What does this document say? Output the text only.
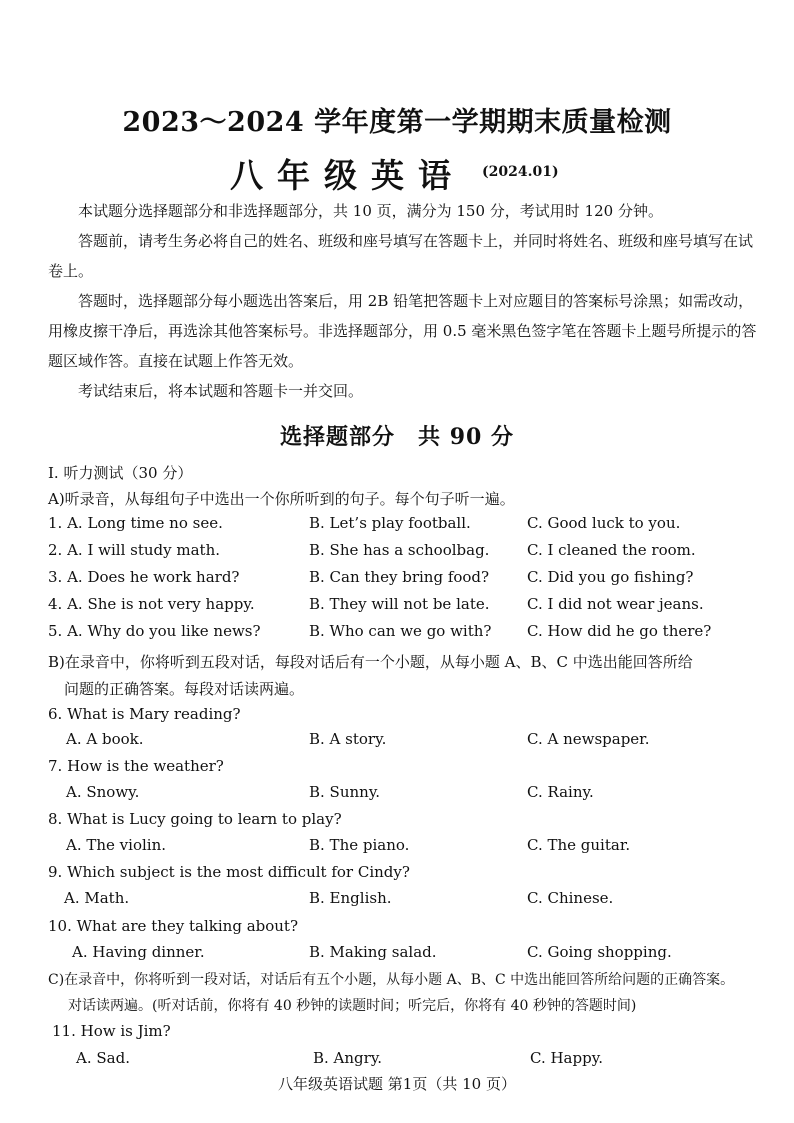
2023～2024 学年度第一学期期末质量检测
八年级英语 (2024.01)

本试题分选择题部分和非选择题部分，共 10 页，满分为 150 分，考试用时 120 分钟。

答题前，请考生务必将自己的姓名、班级和座号填写在答题卡上，并同时将姓名、班级和座号填写在试卷上。

答题时，选择题部分每小题选出答案后，用 2B 铅笔把答题卡上对应题目的答案标号涂黑；如需改动，用橡皮擦干净后，再选涂其他答案标号。非选择题部分，用 0.5 毫米黑色签字笔在答题卡上题号所提示的答题区域作答。直接在试题上作答无效。

考试结束后，将本试题和答题卡一并交回。

选择题部分　共 90 分
I. 听力测试（30 分）
A)听录音，从每组句子中选出一个你所听到的句子。每个句子听一遍。
1. A. Long time no see.	B. Let’s play football.	C. Good luck to you.
2. A. I will study math.	B. She has a schoolbag.	C. I cleaned the room.
3. A. Does he work hard?	B. Can they bring food?	C. Did you go fishing?
4. A. She is not very happy.	B. They will not be late.	C. I did not wear jeans.
5. A. Why do you like news?	B. Who can we go with? C. How did he go there?
B)在录音中，你将听到五段对话，每段对话后有一个小题，从每小题 A、B、C 中选出能回答所给
问题的正确答案。每段对话读两遍。
6. What is Mary reading?
A. A book.	B. A story.	C. A newspaper.
7. How is the weather?
A. Snowy.	B. Sunny.	C. Rainy.
8. What is Lucy going to learn to play?
A. The violin.	B. The piano.	C. The guitar.
9. Which subject is the most difficult for Cindy?
A. Math.	B. English.	C. Chinese.
10. What are they talking about?
A. Having dinner.	B. Making salad.	C. Going shopping.
C)在录音中，你将听到一段对话，对话后有五个小题，从每小题 A、B、C 中选出能回答所给问题的正确答案。
对话读两遍。(听对话前，你将有 40 秒钟的读题时间；听完后，你将有 40 秒钟的答题时间)
11. How is Jim?
A. Sad.	B. Angry.	C. Happy.
八年级英语试题 第1页（共 10 页）
